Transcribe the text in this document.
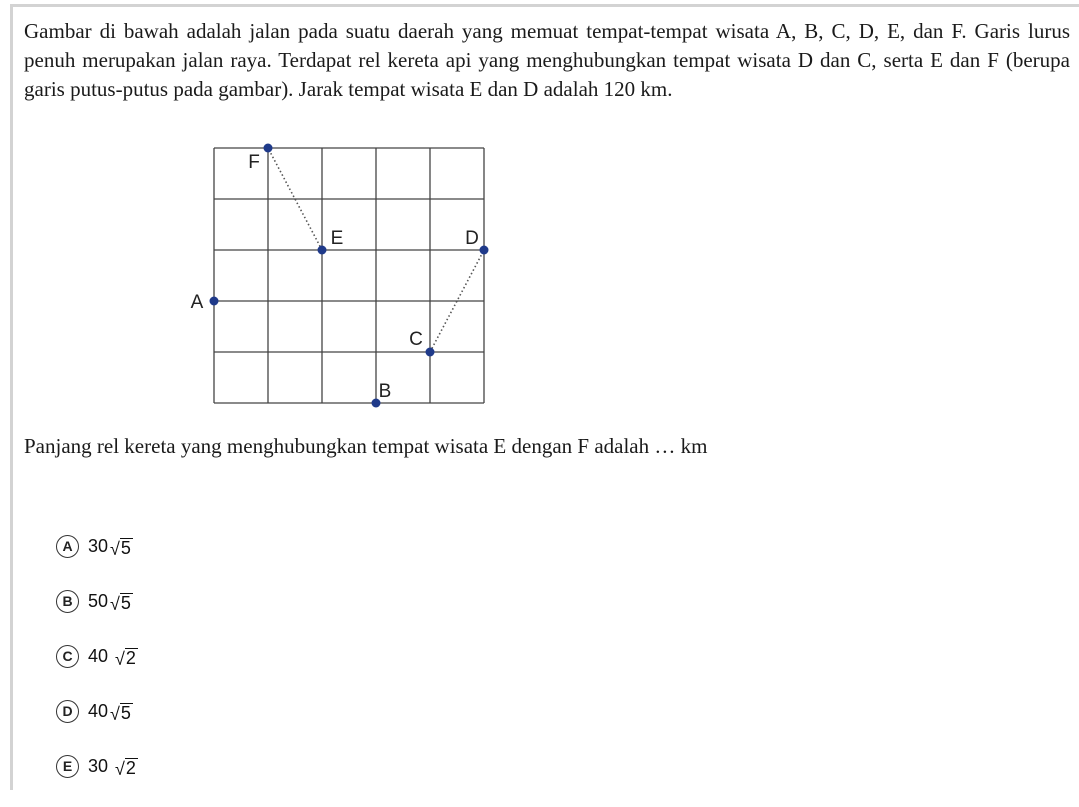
Gambar di bawah adalah jalan pada suatu daerah yang memuat tempat-tempat wisata A, B, C, D, E, dan F. Garis lurus penuh merupakan jalan raya. Terdapat rel kereta api yang menghubungkan tempat wisata D dan C, serta E dan F (berupa garis putus-putus pada gambar). Jarak tempat wisata E dan D adalah 120 km.

F
E	D
A
C
B

Panjang rel kereta yang menghubungkan tempat wisata E dengan F adalah … km

A 30 √ 5
B 50 √ 5
C 40 √ 2
D 40 √ 5
E 30 √ 2
